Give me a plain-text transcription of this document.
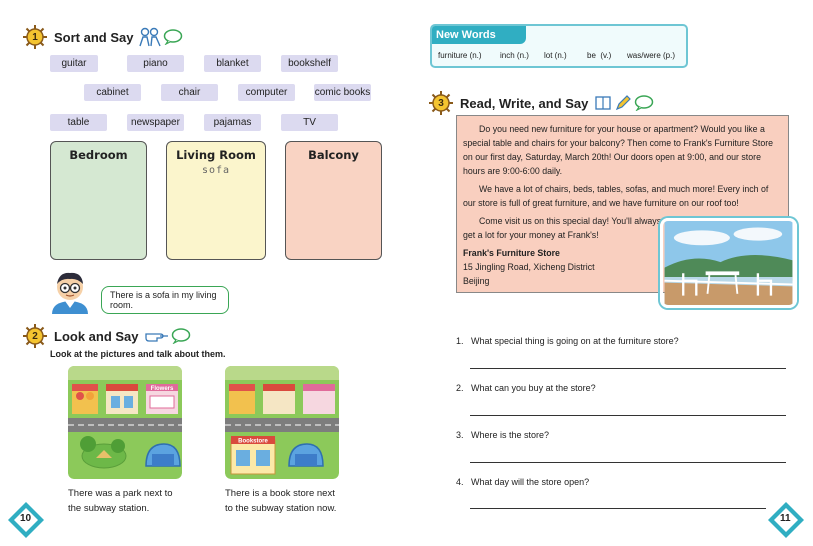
1	Sort and Say
guitar	piano	blanket	bookshelf
cabinet	chair	computer	comic books
table	newspaper	pajamas	TV
Bedroom	Living Room
sofa
Balcony
There is a sofa in my living room.
2	Look and Say
Look at the pictures and talk about them.
Flowers
There was a park next to
the subway station.
Bookstore
There is a book store next
to the subway station now.
10
New Words
furniture (n.)	inch (n.)	lot (n.)	be  (v.)	was/were (p.)
3	Read, Write, and Say

Do you need new furniture for your house or apartment? Would you like a special table and chairs for your balcony? Then come to Frank's Furniture Store on our first day, Saturday, March 20th! Our doors open at 9:00, and our store hours are 9:00-6:00 daily.

We have a lot of chairs, beds, tables, sofas, and much more! Every inch of our store is full of great furniture, and we have furniture on our roof too!

Come visit us on this special day! You'll always
get a lot for your money at Frank's!
Frank's Furniture Store
15 Jingling Road, Xicheng District
Beijing
1. What special thing is going on at the furniture store?
2. What can you buy at the store?
3. Where is the store?
4. What day will the store open?
11
